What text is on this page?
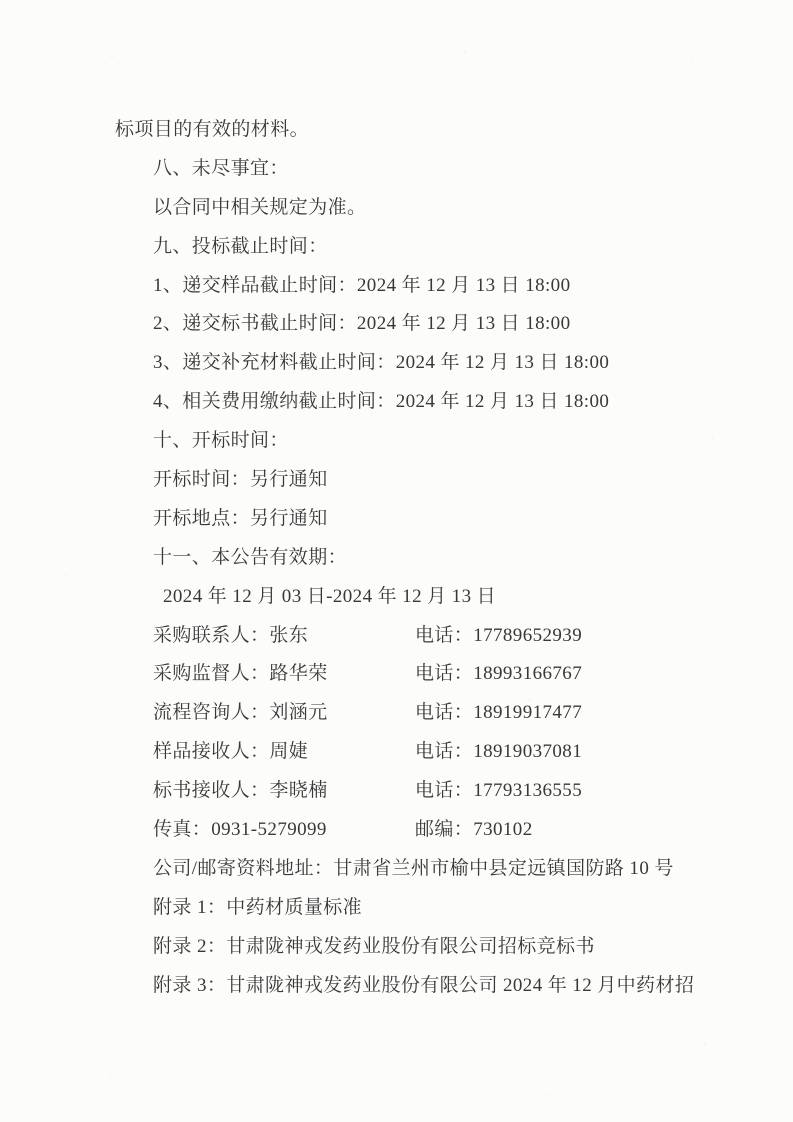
标项目的有效的材料。
八、未尽事宜：
以合同中相关规定为准。
九、投标截止时间：
1、递交样品截止时间：2024 年 12 月 13 日 18:00
2、递交标书截止时间：2024 年 12 月 13 日 18:00
3、递交补充材料截止时间：2024 年 12 月 13 日 18:00
4、相关费用缴纳截止时间：2024 年 12 月 13 日 18:00
十、开标时间：
开标时间：另行通知
开标地点：另行通知
十一、本公告有效期：
2024 年 12 月 03 日-2024 年 12 月 13 日
采购联系人：张东	电话：17789652939
采购监督人：路华荣	电话：18993166767
流程咨询人：刘涵元	电话：18919917477
样品接收人：周婕	电话：18919037081
标书接收人：李晓楠	电话：17793136555
传真：0931-5279099	邮编：730102
公司/邮寄资料地址：甘肃省兰州市榆中县定远镇国防路 10 号
附录 1：中药材质量标准
附录 2：甘肃陇神戎发药业股份有限公司招标竞标书
附录 3：甘肃陇神戎发药业股份有限公司 2024 年 12 月中药材招
